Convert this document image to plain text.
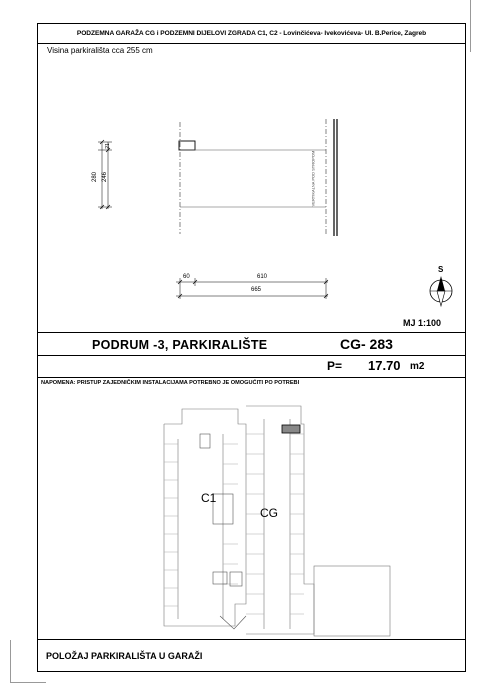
PODZEMNA GARAŽA CG i PODZEMNI DIJELOVI ZGRADA C1, C2 - Lovinčićeva- Ivekovićeva- Ul. B.Perice, Zagreb
Visina parkirališta cca 255 cm
280 246
21
60	610
665
VERTIKALNA POD STROPOM
S
MJ 1:100
PODRUM -3, PARKIRALIŠTE	CG- 283
P= 17.70 m2
NAPOMENA: PRISTUP ZAJEDNIČKIM INSTALACIJAMA POTREBNO JE OMOGUĆITI PO POTREBI
C1
CG
POLOŽAJ PARKIRALIŠTA U GARAŽI
